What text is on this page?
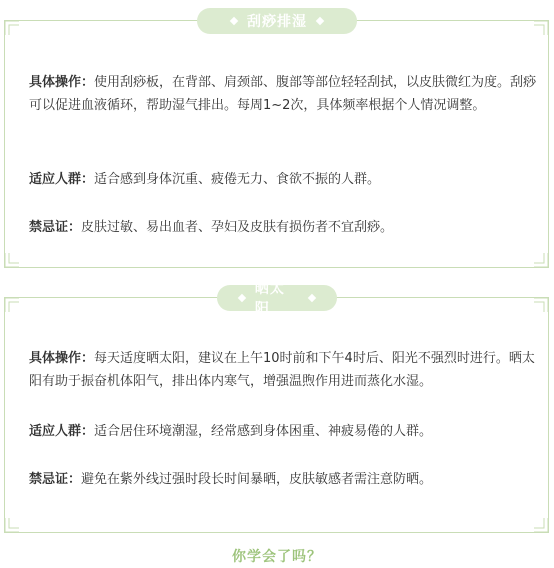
具体操作：使用刮痧板，在背部、肩颈部、腹部等部位轻轻刮拭，以皮肤微红为度。刮痧可以促进血液循环，帮助湿气排出。每周1~2次，具体频率根据个人情况调整。

适应人群：适合感到身体沉重、疲倦无力、食欲不振的人群。

禁忌证：皮肤过敏、易出血者、孕妇及皮肤有损伤者不宜刮痧。

刮痧排湿

具体操作：每天适度晒太阳，建议在上午10时前和下午4时后、阳光不强烈时进行。晒太阳有助于振奋机体阳气，排出体内寒气，增强温煦作用进而蒸化水湿。

适应人群：适合居住环境潮湿，经常感到身体困重、神疲易倦的人群。

禁忌证：避免在紫外线过强时段长时间暴晒，皮肤敏感者需注意防晒。

晒太阳
你学会了吗？
